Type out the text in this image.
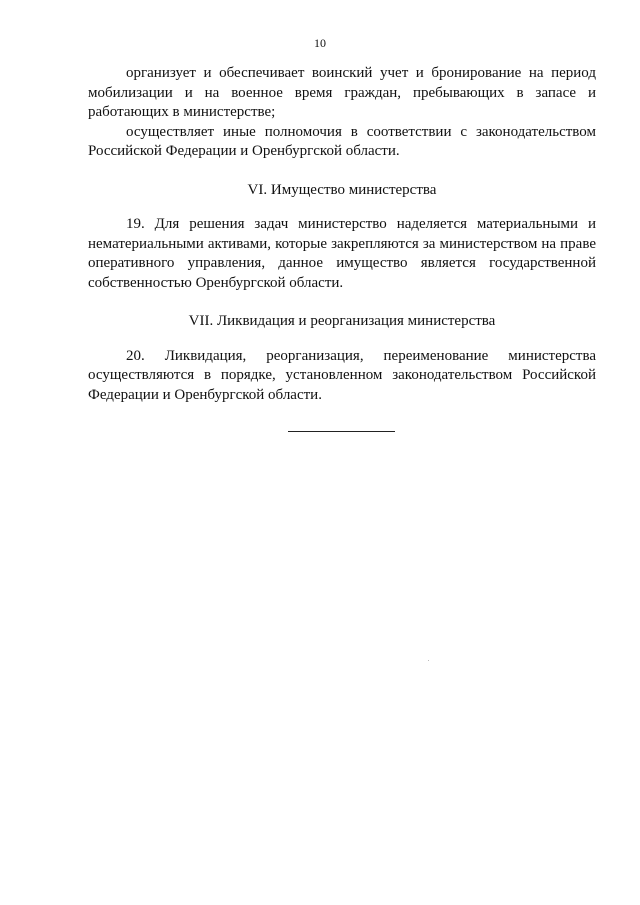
10

организует и обеспечивает воинский учет и бронирование на период мобилизации и на военное время граждан, пребывающих в запасе и работающих в министерстве;

осуществляет иные полномочия в соответствии с законодательством Российской Федерации и Оренбургской области.

VI. Имущество министерства

19. Для решения задач министерство наделяется материальными и нематериальными активами, которые закрепляются за министерством на праве оперативного управления, данное имущество является государственной собственностью Оренбургской области.

VII. Ликвидация и реорганизация министерства

20. Ликвидация, реорганизация, переименование министерства осуществляются в порядке, установленном законодательством Российской Федерации и Оренбургской области.
